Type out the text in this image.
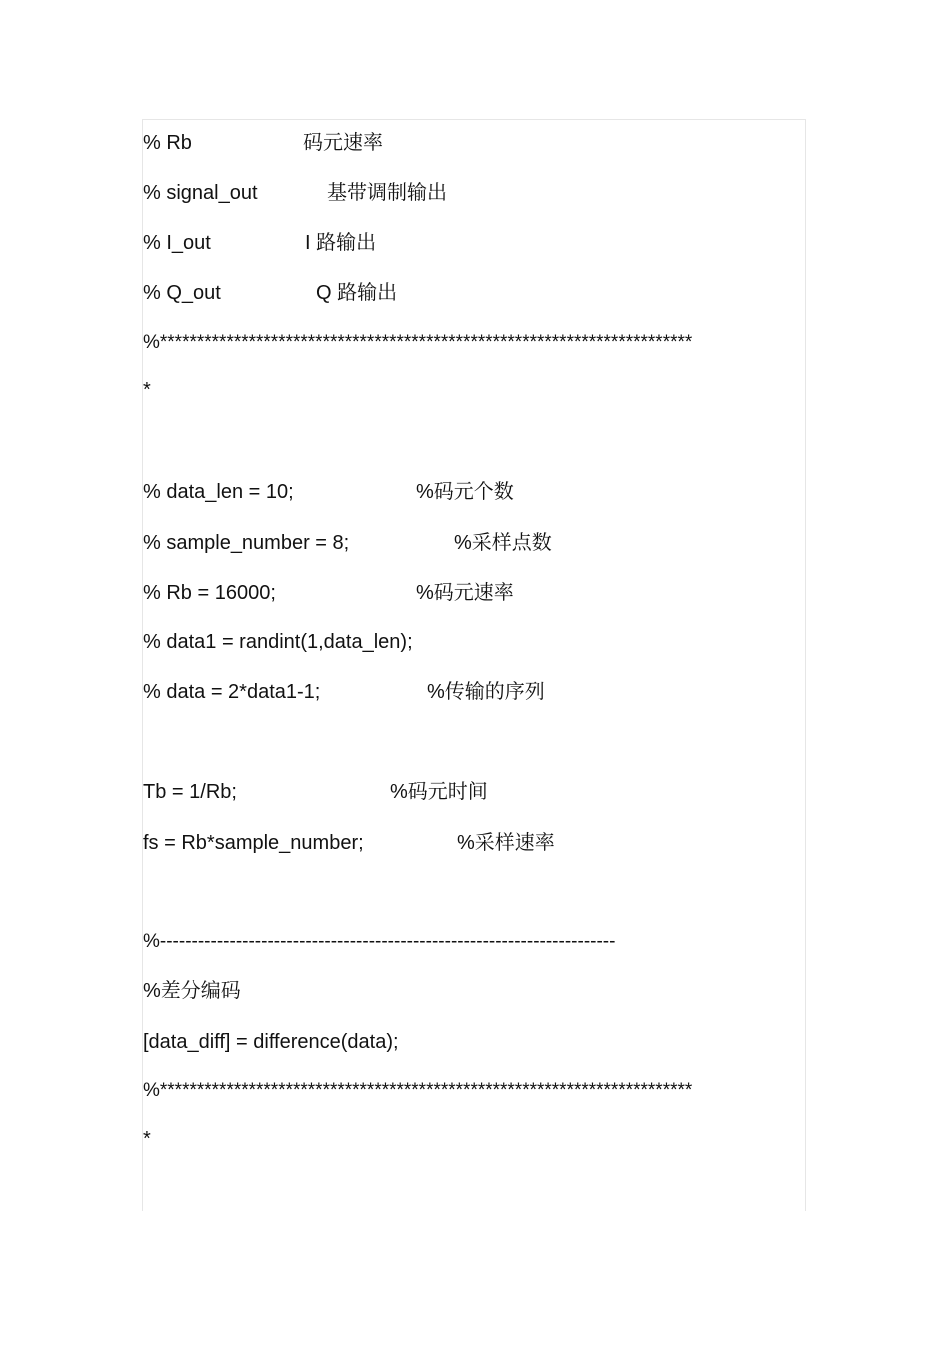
% Rb

	码元速率

% signal_out

	基带调制输出

% I_out

	I 路输出

% Q_out

	Q 路输出

%************************************************************************

*

% data_len = 10;

	%码元个数

% sample_number = 8;

	%采样点数

% Rb = 16000;

	%码元速率

% data1 = randint(1,data_len);

% data = 2*data1-1;

	%传输的序列

Tb = 1/Rb;

	%码元时间

fs = Rb*sample_number;

	%采样速率

%------------------------------------------------------------------------

%差分编码

[data_diff] = difference(data);

%************************************************************************

*
